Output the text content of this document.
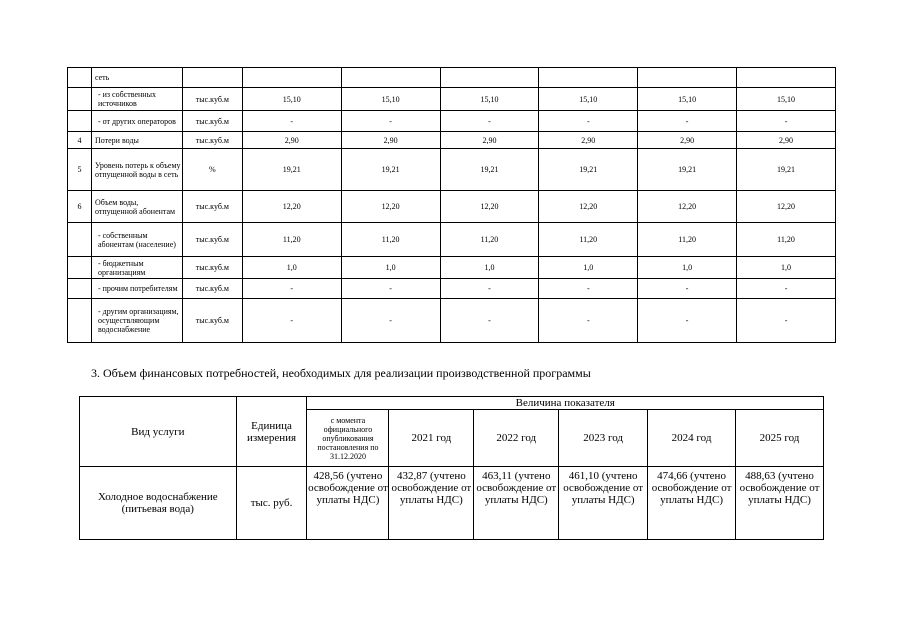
	сеть							
	- из собственных источников	тыс.куб.м	15,10	15,10	15,10	15,10	15,10	15,10
	- от других операторов	тыс.куб.м	-	-	-	-	-	-
4	Потери воды	тыс.куб.м	2,90	2,90	2,90	2,90	2,90	2,90
5	Уровень потерь к объему отпущенной воды в сеть	%	19,21	19,21	19,21	19,21	19,21	19,21
6	Объем воды, отпущенной абонентам	тыс.куб.м	12,20	12,20	12,20	12,20	12,20	12,20
	- собственным абонентам (население)	тыс.куб.м	11,20	11,20	11,20	11,20	11,20	11,20
	- бюджетным организациям	тыс.куб.м	1,0	1,0	1,0	1,0	1,0	1,0
	- прочим потребителям	тыс.куб.м	-	-	-	-	-	-
	- другим организациям, осуществляющим водоснабжение	тыс.куб.м	-	-	-	-	-	-

3. Объем финансовых потребностей, необходимых для реализации производственной программы

Вид услуги	Единица измерения	Величина показателя					
		с момента официального опубликования постановления по 31.12.2020	2021 год	2022 год	2023 год	2024 год	2025 год
Холодное водоснабжение (питьевая вода)	тыс. руб.	428,56 (учтено освобождение от уплаты НДС)	432,87 (учтено освобождение от уплаты НДС)	463,11 (учтено освобождение от уплаты НДС)	461,10 (учтено освобождение от уплаты НДС)	474,66 (учтено освобождение от уплаты НДС)	488,63 (учтено освобождение от уплаты НДС)
